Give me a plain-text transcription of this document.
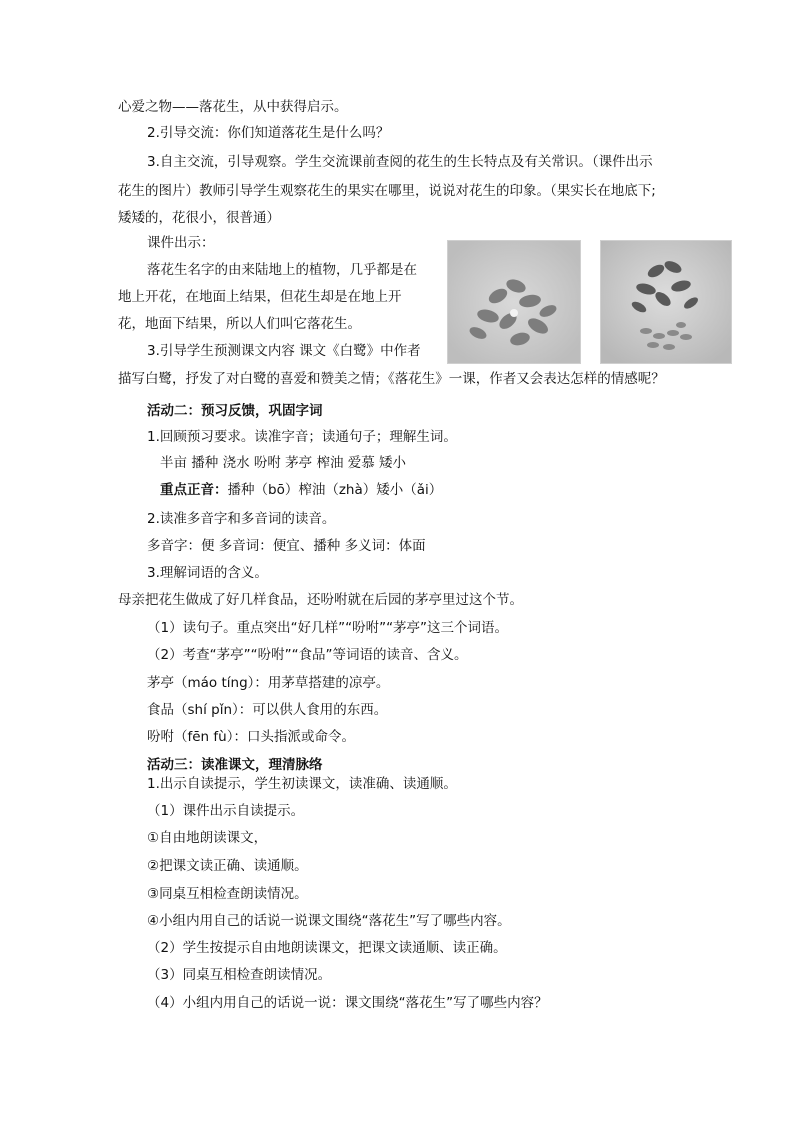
心爱之物——落花生，从中获得启示。
2.引导交流：你们知道落花生是什么吗？
3.自主交流，引导观察。学生交流课前查阅的花生的生长特点及有关常识。（课件出示
花生的图片）教师引导学生观察花生的果实在哪里，说说对花生的印象。（果实长在地底下;
矮矮的，花很小，很普通）
课件出示：
落花生名字的由来陆地上的植物，几乎都是在
地上开花，在地面上结果，但花生却是在地上开
花，地面下结果，所以人们叫它落花生。
3.引导学生预测课文内容 课文《白鹭》中作者
描写白鹭，抒发了对白鹭的喜爱和赞美之情；《落花生》一课，作者又会表达怎样的情感呢？
活动二：预习反馈，巩固字词
1.回顾预习要求。读准字音；读通句子；理解生词。
半亩 播种 浇水 吩咐 茅亭 榨油 爱慕 矮小
重点正音：播种（bō）榨油（zhà）矮小（ǎi）
2.读准多音字和多音词的读音。
多音字：便 多音词：便宜、播种 多义词：体面
3.理解词语的含义。
母亲把花生做成了好几样食品，还吩咐就在后园的茅亭里过这个节。
（1）读句子。重点突出“好几样”“吩咐”“茅亭”这三个词语。
（2）考查“茅亭”“吩咐”“食品”等词语的读音、含义。
茅亭（máo tíng）：用茅草搭建的凉亭。
食品（shí pǐn）：可以供人食用的东西。
吩咐（fēn fù）：口头指派或命令。
活动三：读准课文，理清脉络
1.出示自读提示，学生初读课文，读准确、读通顺。
（1）课件出示自读提示。
①自由地朗读课文，
②把课文读正确、读通顺。
③同桌互相检查朗读情况。
④小组内用自己的话说一说课文围绕“落花生”写了哪些内容。
（2）学生按提示自由地朗读课文，把课文读通顺、读正确。
（3）同桌互相检查朗读情况。
（4）小组内用自己的话说一说：课文围绕“落花生”写了哪些内容？
